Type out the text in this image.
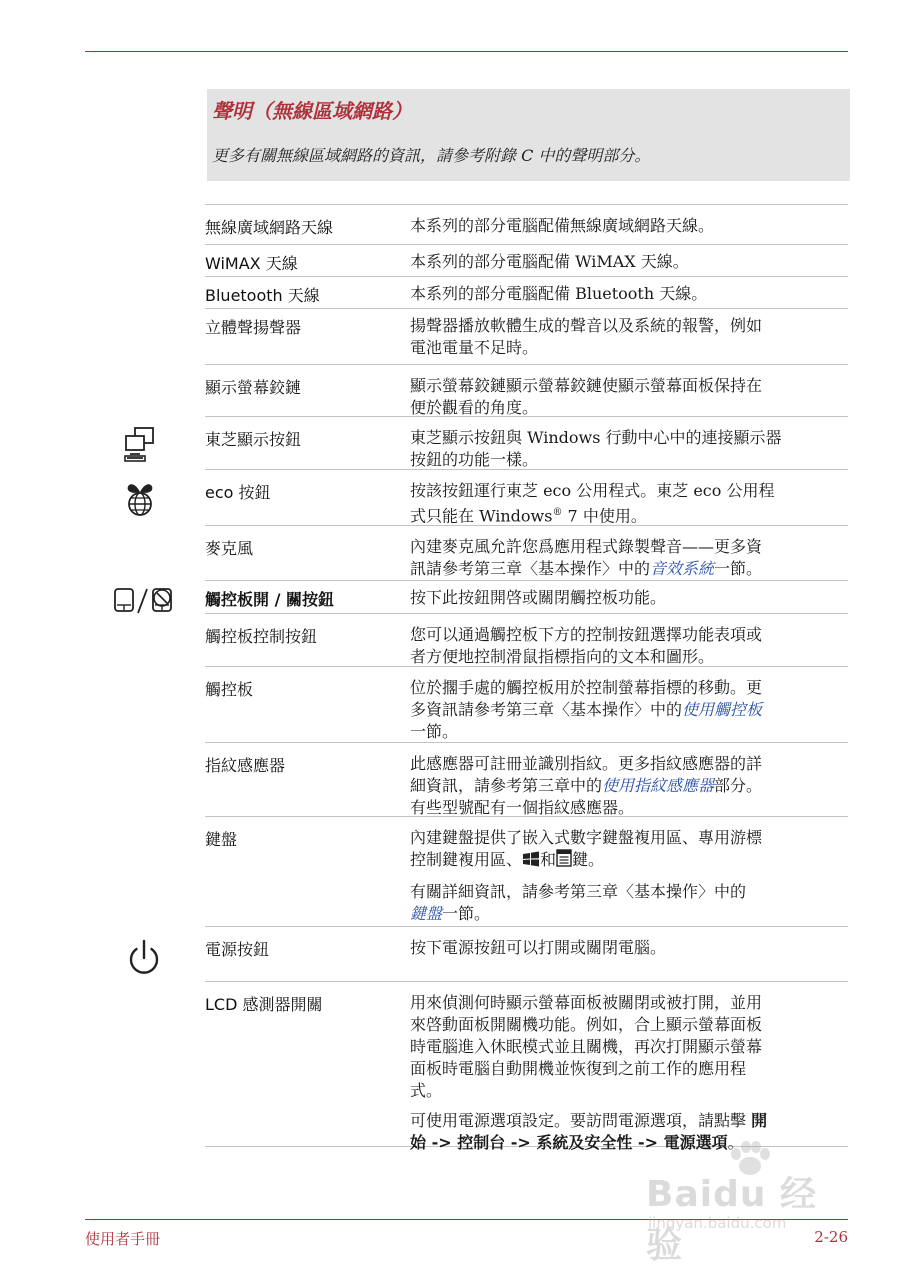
聲明（無線區域網路）
更多有關無線區域網路的資訊，請參考附錄 C 中的聲明部分。
無線廣域網路天線	本系列的部分電腦配備無線廣域網路天線。
WiMAX 天線	本系列的部分電腦配備 WiMAX 天線。
Bluetooth 天線	本系列的部分電腦配備 Bluetooth 天線。
立體聲揚聲器	揚聲器播放軟體生成的聲音以及系統的報警，例如
電池電量不足時。
顯示螢幕鉸鏈	顯示螢幕鉸鏈顯示螢幕鉸鏈使顯示螢幕面板保持在
便於觀看的角度。
東芝顯示按鈕	東芝顯示按鈕與 Windows 行動中心中的連接顯示器
按鈕的功能一樣。
eco 按鈕	按該按鈕運行東芝 eco 公用程式。東芝 eco 公用程
式只能在 Windows® 7 中使用。
麥克風	內建麥克風允許您爲應用程式錄製聲音——更多資
訊請參考第三章〈基本操作〉中的音效系統一節。
觸控板開 / 關按鈕	按下此按鈕開啓或關閉觸控板功能。
觸控板控制按鈕	您可以通過觸控板下方的控制按鈕選擇功能表項或
者方便地控制滑鼠指標指向的文本和圖形。
觸控板	位於擱手處的觸控板用於控制螢幕指標的移動。更
多資訊請參考第三章〈基本操作〉中的使用觸控板
一節。
指紋感應器	此感應器可註冊並識別指紋。更多指紋感應器的詳
細資訊，請參考第三章中的使用指紋感應器部分。
有些型號配有一個指紋感應器。
鍵盤	內建鍵盤提供了嵌入式數字鍵盤複用區、專用游標
控制鍵複用區、 和 鍵。

有關詳細資訊，請參考第三章〈基本操作〉中的
鍵盤一節。

電源按鈕	按下電源按鈕可以打開或關閉電腦。
LCD 感測器開關	用來偵測何時顯示螢幕面板被關閉或被打開，並用
來啓動面板開關機功能。例如，合上顯示螢幕面板
時電腦進入休眠模式並且關機，再次打開顯示螢幕
面板時電腦自動開機並恢復到之前工作的應用程
式。

可使用電源選項設定。要訪問電源選項，請點擊 開
始 -> 控制台 -> 系統及安全性 -> 電源選項。

使用者手冊	2-26
Baidu 经验
jingyan.baidu.com
